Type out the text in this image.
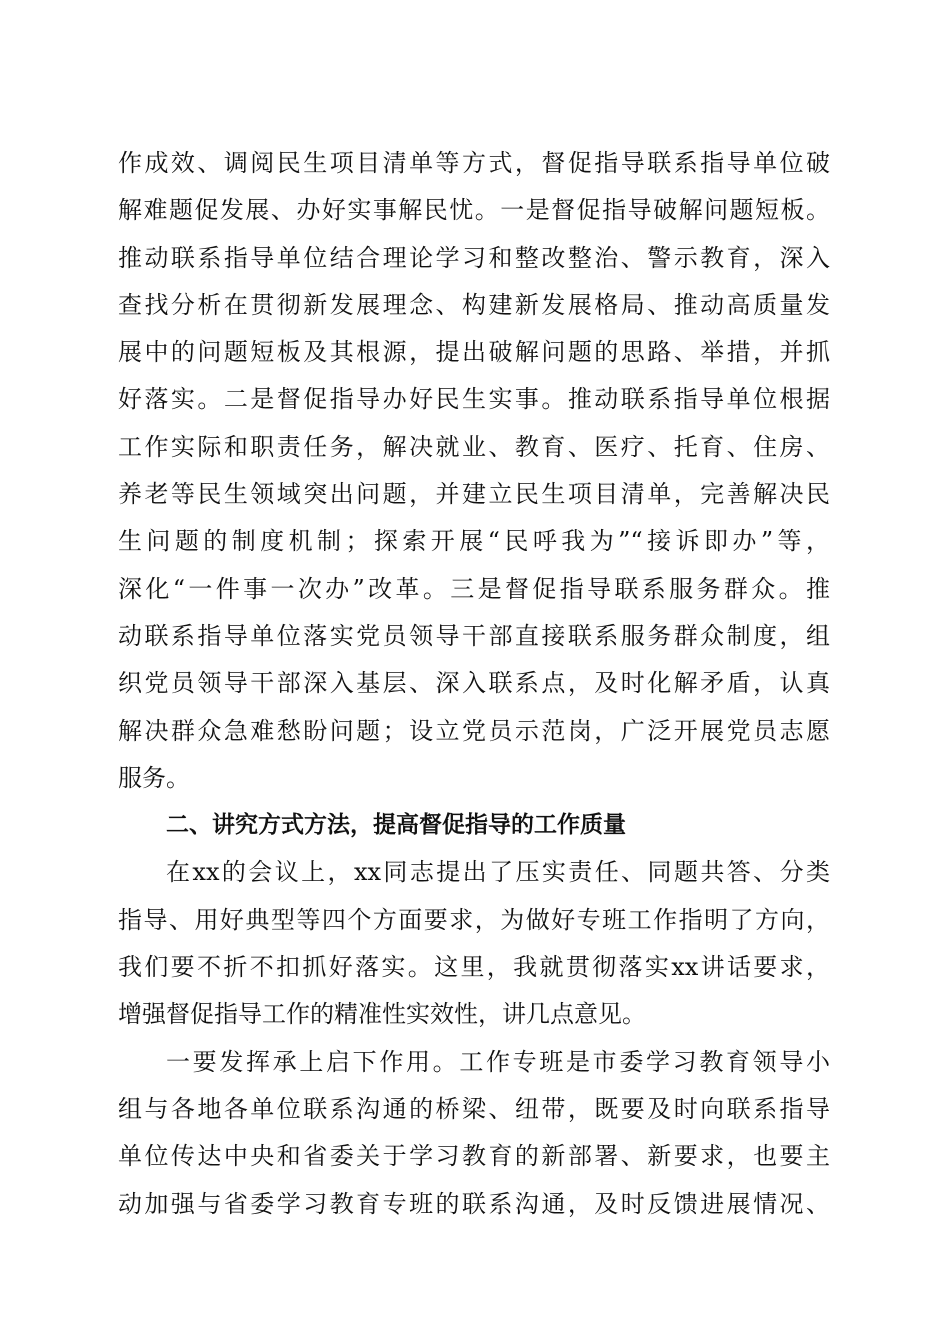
作成效、调阅民生项目清单等方式，督促指导联系指导单位破
解难题促发展、办好实事解民忧。一是督促指导破解问题短板。
推动联系指导单位结合理论学习和整改整治、警示教育，深入
查找分析在贯彻新发展理念、构建新发展格局、推动高质量发
展中的问题短板及其根源，提出破解问题的思路、举措，并抓
好落实。二是督促指导办好民生实事。推动联系指导单位根据
工作实际和职责任务，解决就业、教育、医疗、托育、住房、
养老等民生领域突出问题，并建立民生项目清单，完善解决民
生问题的制度机制；探索开展“民呼我为”“接诉即办”等，
深化“一件事一次办”改革。三是督促指导联系服务群众。推
动联系指导单位落实党员领导干部直接联系服务群众制度，组
织党员领导干部深入基层、深入联系点，及时化解矛盾，认真
解决群众急难愁盼问题；设立党员示范岗，广泛开展党员志愿
服务。
二、讲究方式方法，提高督促指导的工作质量
在xx的会议上，xx同志提出了压实责任、同题共答、分类
指导、用好典型等四个方面要求，为做好专班工作指明了方向，
我们要不折不扣抓好落实。这里，我就贯彻落实xx讲话要求，
增强督促指导工作的精准性实效性，讲几点意见。
一要发挥承上启下作用。工作专班是市委学习教育领导小
组与各地各单位联系沟通的桥梁、纽带，既要及时向联系指导
单位传达中央和省委关于学习教育的新部署、新要求，也要主
动加强与省委学习教育专班的联系沟通，及时反馈进展情况、
